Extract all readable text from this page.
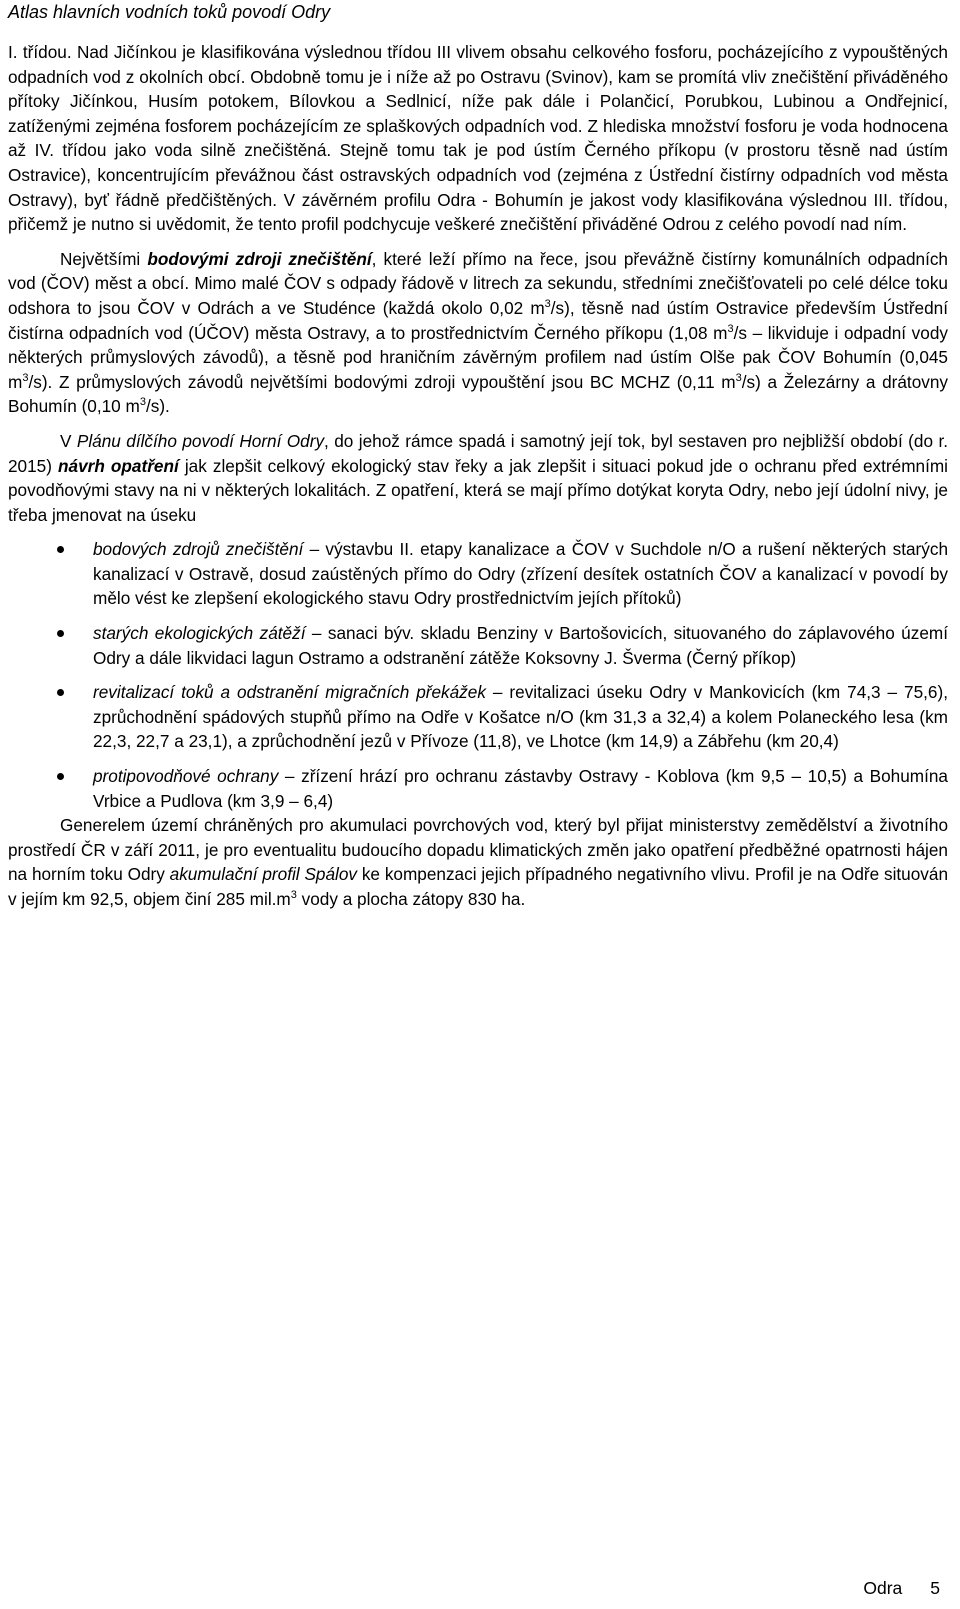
Atlas hlavních vodních toků povodí Odry

I. třídou. Nad Jičínkou je klasifikována výslednou třídou III vlivem obsahu celkového fosforu, pocházejícího z vypouštěných odpadních vod z okolních obcí. Obdobně tomu je i níže až po Ostravu (Svinov), kam se promítá vliv znečištění přiváděného přítoky Jičínkou, Husím potokem, Bílovkou a Sedlnicí, níže pak dále i Polančicí, Porubkou, Lubinou a Ondřejnicí, zatíženými zejména fosforem pocházejícím ze splaškových odpadních vod. Z hlediska množství fosforu je voda hodnocena až IV. třídou jako voda silně znečištěná. Stejně tomu tak je pod ústím Černého příkopu (v prostoru těsně nad ústím Ostravice), koncentrujícím převážnou část ostravských odpadních vod (zejména z Ústřední čistírny odpadních vod města Ostravy), byť řádně předčištěných. V závěrném profilu Odra - Bohumín je jakost vody klasifikována výslednou III. třídou, přičemž je nutno si uvědomit, že tento profil podchycuje veškeré znečištění přiváděné Odrou z celého povodí nad ním.

Největšími bodovými zdroji znečištění, které leží přímo na řece, jsou převážně čistírny komunálních odpadních vod (ČOV) měst a obcí. Mimo malé ČOV s odpady řádově v litrech za sekundu, středními znečišťovateli po celé délce toku odshora to jsou ČOV v Odrách a ve Studénce (každá okolo 0,02 $m^3/s$), těsně nad ústím Ostravice především Ústřední čistírna odpadních vod (ÚČOV) města Ostravy, a to prostřednictvím Černého příkopu (1,08 $m^3/s$ – likviduje i odpadní vody některých průmyslových závodů), a těsně pod hraničním závěrným profilem nad ústím Olše pak ČOV Bohumín (0,045 $m^3/s$). Z průmyslových závodů největšími bodovými zdroji vypouštění jsou BC MCHZ (0,11 $m^3/s$) a Železárny a drátovny Bohumín (0,10 $m^3/s$).

V Plánu dílčího povodí Horní Odry, do jehož rámce spadá i samotný její tok, byl sestaven pro nejbližší období (do r. 2015) návrh opatření jak zlepšit celkový ekologický stav řeky a jak zlepšit i situaci pokud jde o ochranu před extrémními povodňovými stavy na ni v některých lokalitách. Z opatření, která se mají přímo dotýkat koryta Odry, nebo její údolní nivy, je třeba jmenovat na úseku

bodových zdrojů znečištění – výstavbu II. etapy kanalizace a ČOV v Suchdole n/O a rušení některých starých kanalizací v Ostravě, dosud zaústěných přímo do Odry (zřízení desítek ostatních ČOV a kanalizací v povodí by mělo vést ke zlepšení ekologického stavu Odry prostřednictvím jejích přítoků)
starých ekologických zátěží – sanaci býv. skladu Benziny v Bartošovicích, situovaného do záplavového území Odry a dále likvidaci lagun Ostramo a odstranění zátěže Koksovny J. Šverma (Černý příkop)
revitalizací toků a odstranění migračních překážek – revitalizaci úseku Odry v Mankovicích (km 74,3 – 75,6), zprůchodnění spádových stupňů přímo na Odře v Košatce n/O (km 31,3 a 32,4) a kolem Polaneckého lesa (km 22,3, 22,7 a 23,1), a zprůchodnění jezů v Přívoze (11,8), ve Lhotce (km 14,9) a Zábřehu (km 20,4)
protipovodňové ochrany – zřízení hrází pro ochranu zástavby Ostravy - Koblova (km 9,5 – 10,5) a Bohumína Vrbice a Pudlova (km 3,9 – 6,4)

Generelem území chráněných pro akumulaci povrchových vod, který byl přijat ministerstvy zemědělství a životního prostředí ČR v září 2011, je pro eventualitu budoucího dopadu klimatických změn jako opatření předběžné opatrnosti hájen na horním toku Odry akumulační profil Spálov ke kompenzaci jejich případného negativního vlivu. Profil je na Odře situován v jejím km 92,5, objem činí 285 $mil.m^3$ vody a plocha zátopy 830 ha.

Odra 5
